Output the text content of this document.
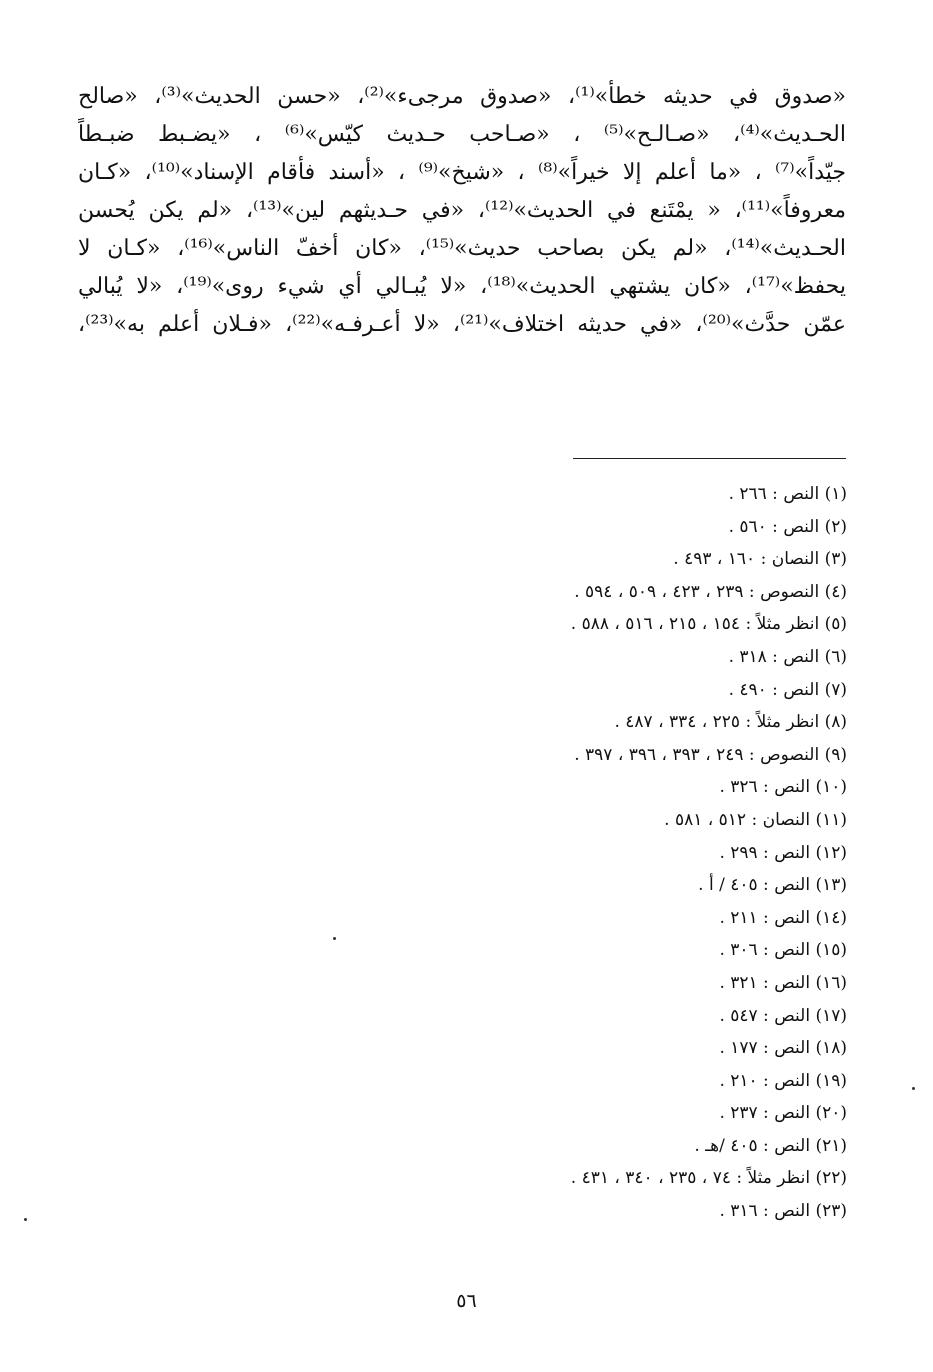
«صدوق في حديثه خطأ»⁽¹⁾، «صدوق مرجىء»⁽²⁾، «حسن الحديث»⁽³⁾، «صالح
الحـديث»⁽⁴⁾، «صـالـح»⁽⁵⁾ ، «صـاحب حـديث كيّس»⁽⁶⁾ ، «يضـبط ضبـطاً
جيّداً»⁽⁷⁾ ، «ما أعلم إلا خيراً»⁽⁸⁾ ، «شيخ»⁽⁹⁾ ، «أسند فأقام الإسناد»⁽¹⁰⁾، «كـان
معروفاً»⁽¹¹⁾، « يمْتَنع في الحديث»⁽¹²⁾، «في حـديثهم لين»⁽¹³⁾، «لم يكن يُحسن
الحـديث»⁽¹⁴⁾، «لم يكن بصاحب حديث»⁽¹⁵⁾، «كان أخفّ الناس»⁽¹⁶⁾، «كـان لا
يحفظ»⁽¹⁷⁾، «كان يشتهي الحديث»⁽¹⁸⁾، «لا يُبـالي أي شيء روى»⁽¹⁹⁾، «لا يُبالي
عمّن حدَّث»⁽²⁰⁾، «في حديثه اختلاف»⁽²¹⁾، «لا أعـرفـه»⁽²²⁾، «فـلان أعلم به»⁽²³⁾،
(١) النص : ٢٦٦ .
(٢) النص : ٥٦٠ .
(٣) النصان : ١٦٠ ، ٤٩٣ .
(٤) النصوص : ٢٣٩ ، ٤٢٣ ، ٥٠٩ ، ٥٩٤ .
(٥) انظر مثلاً : ١٥٤ ، ٢١٥ ، ٥١٦ ، ٥٨٨ .
(٦) النص : ٣١٨ .
(٧) النص : ٤٩٠ .
(٨) انظر مثلاً : ٢٢٥ ، ٣٣٤ ، ٤٨٧ .
(٩) النصوص : ٢٤٩ ، ٣٩٣ ، ٣٩٦ ، ٣٩٧ .
(١٠) النص : ٣٢٦ .
(١١) النصان : ٥١٢ ، ٥٨١ .
(١٢) النص : ٢٩٩ .
(١٣) النص : ٤٠٥ / أ .
(١٤) النص : ٢١١ .
(١٥) النص : ٣٠٦ .
(١٦) النص : ٣٢١ .
(١٧) النص : ٥٤٧ .
(١٨) النص : ١٧٧ .
(١٩) النص : ٢١٠ .
(٢٠) النص : ٢٣٧ .
(٢١) النص : ٤٠٥ /هـ .
(٢٢) انظر مثلاً : ٧٤ ، ٢٣٥ ، ٣٤٠ ، ٤٣١ .
(٢٣) النص : ٣١٦ .
٥٦
